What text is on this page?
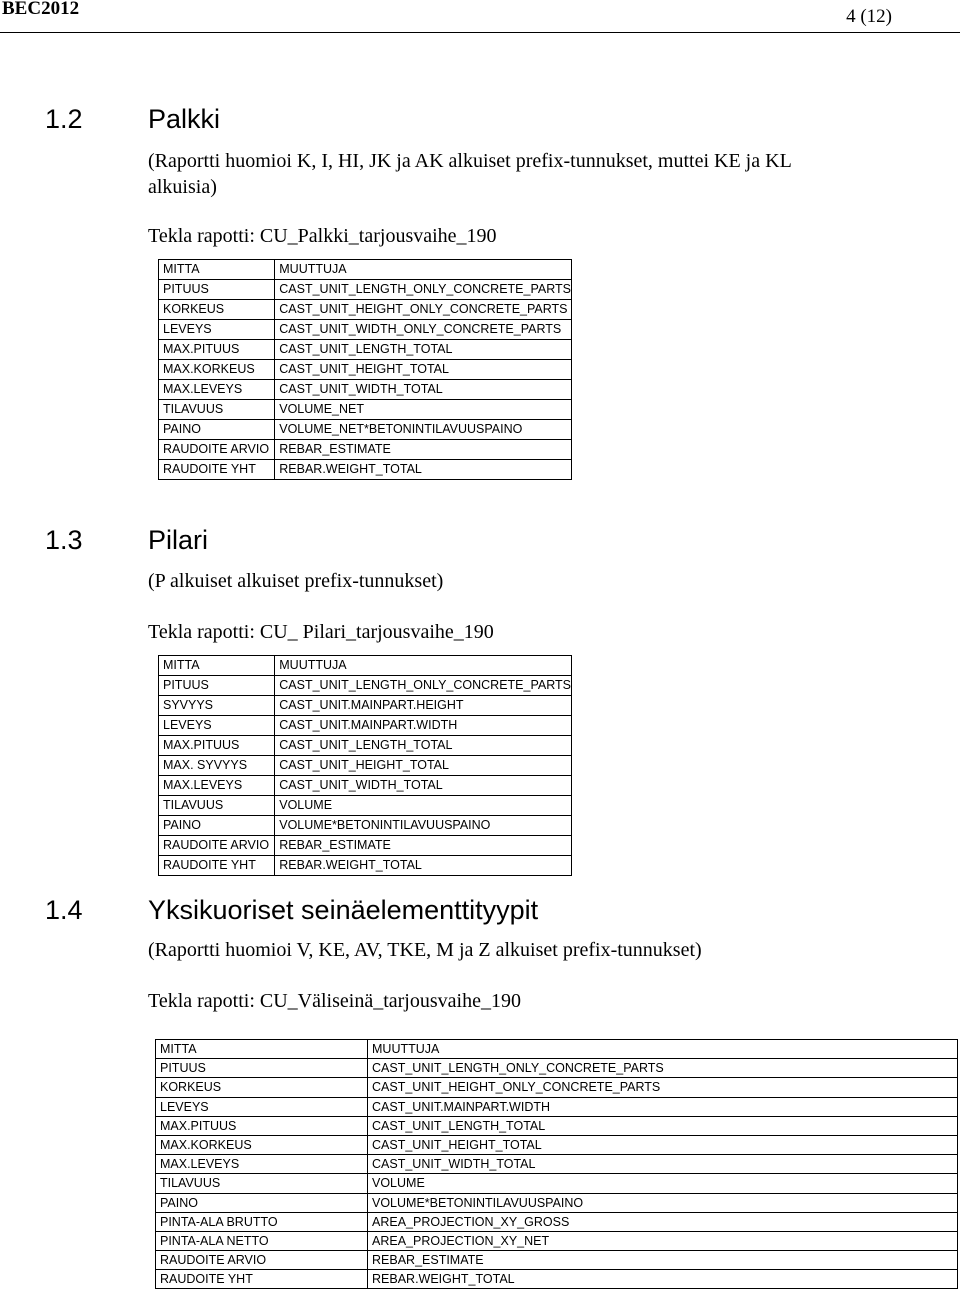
BEC2012	4 (12)
1.2 Palkki
(Raportti huomioi K, I, HI, JK ja AK alkuiset prefix-tunnukset, muttei KE ja KL
alkuisia)
Tekla rapotti: CU_Palkki_tarjousvaihe_190
MITTA	MUUTTUJA
PITUUS	CAST_UNIT_LENGTH_ONLY_CONCRETE_PARTS
KORKEUS	CAST_UNIT_HEIGHT_ONLY_CONCRETE_PARTS
LEVEYS	CAST_UNIT_WIDTH_ONLY_CONCRETE_PARTS
MAX.PITUUS	CAST_UNIT_LENGTH_TOTAL
MAX.KORKEUS	CAST_UNIT_HEIGHT_TOTAL
MAX.LEVEYS	CAST_UNIT_WIDTH_TOTAL
TILAVUUS	VOLUME_NET
PAINO	VOLUME_NET*BETONINTILAVUUSPAINO
RAUDOITE ARVIO	REBAR_ESTIMATE
RAUDOITE YHT	REBAR.WEIGHT_TOTAL
1.3 Pilari
(P alkuiset alkuiset prefix-tunnukset)
Tekla rapotti: CU_ Pilari_tarjousvaihe_190
MITTA	MUUTTUJA
PITUUS	CAST_UNIT_LENGTH_ONLY_CONCRETE_PARTS
SYVYYS	CAST_UNIT.MAINPART.HEIGHT
LEVEYS	CAST_UNIT.MAINPART.WIDTH
MAX.PITUUS	CAST_UNIT_LENGTH_TOTAL
MAX. SYVYYS	CAST_UNIT_HEIGHT_TOTAL
MAX.LEVEYS	CAST_UNIT_WIDTH_TOTAL
TILAVUUS	VOLUME
PAINO	VOLUME*BETONINTILAVUUSPAINO
RAUDOITE ARVIO	REBAR_ESTIMATE
RAUDOITE YHT	REBAR.WEIGHT_TOTAL
1.4 Yksikuoriset seinäelementtityypit
(Raportti huomioi V, KE, AV, TKE, M ja Z alkuiset prefix-tunnukset)
Tekla rapotti: CU_Väliseinä_tarjousvaihe_190
MITTA	MUUTTUJA
PITUUS	CAST_UNIT_LENGTH_ONLY_CONCRETE_PARTS
KORKEUS	CAST_UNIT_HEIGHT_ONLY_CONCRETE_PARTS
LEVEYS	CAST_UNIT.MAINPART.WIDTH
MAX.PITUUS	CAST_UNIT_LENGTH_TOTAL
MAX.KORKEUS	CAST_UNIT_HEIGHT_TOTAL
MAX.LEVEYS	CAST_UNIT_WIDTH_TOTAL
TILAVUUS	VOLUME
PAINO	VOLUME*BETONINTILAVUUSPAINO
PINTA-ALA BRUTTO	AREA_PROJECTION_XY_GROSS
PINTA-ALA NETTO	AREA_PROJECTION_XY_NET
RAUDOITE ARVIO	REBAR_ESTIMATE
RAUDOITE YHT	REBAR.WEIGHT_TOTAL
